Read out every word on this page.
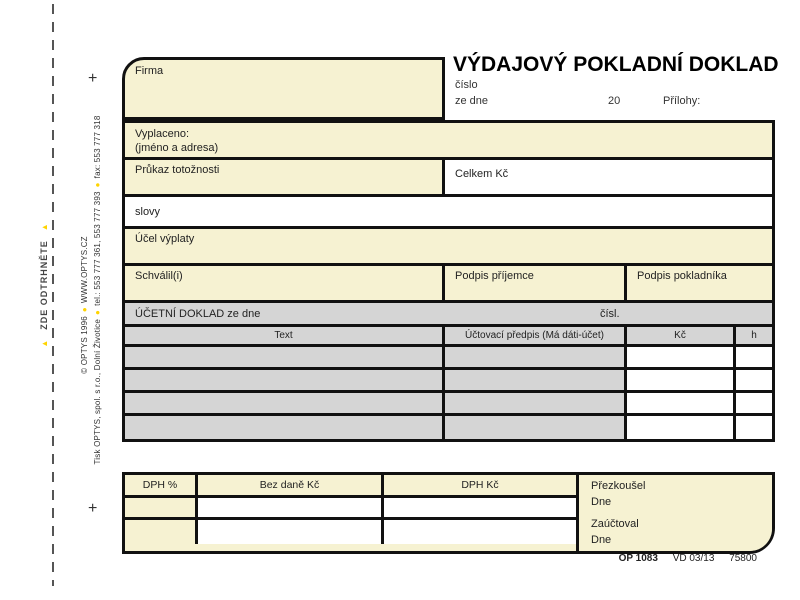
+
+
Tisk OPTYS, spol. s r.o., Dolní Životice
●
tel.: 553 777 361, 553 777 393
●
fax: 553 777 318
© OPTYS 1996
●
WWW.OPTYS.CZ
▲
ZDE ODTRHNĚTE
▲
Firma	VÝDAJOVÝ POKLADNÍ DOKLAD
číslo
ze dne	20	Přílohy:
Vyplaceno:
(jméno a adresa)
Průkaz totožnosti	Celkem Kč
slovy
Účel výplaty
Schválil(i)	Podpis příjemce	Podpis pokladníka
ÚČETNÍ DOKLAD ze dne	čísl.
Text	Účtovací předpis (Má dáti-účet)	Kč	h
DPH %	Bez daně Kč	DPH Kč	Přezkoušel
Dne
Zaúčtoval
Dne
OP 1083 VD 03/13 75800
